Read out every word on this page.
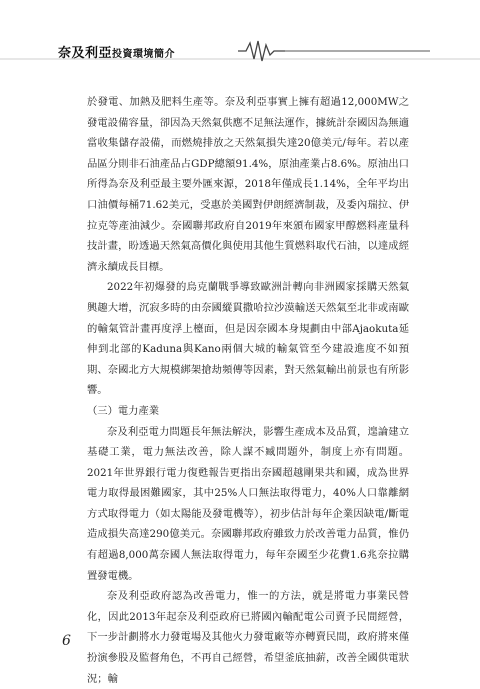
奈及利亞投資環境簡介

於發電、加熱及肥料生產等。奈及利亞事實上擁有超過12,000MW之發電設備容量，卻因為天然氣供應不足無法運作，據統計奈國因為無適當收集儲存設備，而燃燒排放之天然氣損失達20億美元/每年。若以產品區分則非石油產品占GDP總額91.4%，原油產業占8.6%。原油出口所得為奈及利亞最主要外匯來源，2018年僅成長1.14%，全年平均出口油價每桶71.62美元，受惠於美國對伊朗經濟制裁，及委內瑞拉、伊拉克等產油減少。奈國聯邦政府自2019年來頒布國家甲醇燃料產量科技計畫，盼透過天然氣高價化與使用其他生質燃料取代石油，以達成經濟永續成長目標。

2022年初爆發的烏克蘭戰爭導致歐洲計轉向非洲國家採購天然氣興趣大增，沉寂多時的由奈國縱貫撒哈拉沙漠輸送天然氣至北非或南歐的輸氣管計畫再度浮上檯面，但是因奈國本身規劃由中部Ajaokuta延伸到北部的Kaduna與Kano兩個大城的輸氣管至今建設進度不如預期、奈國北方大規模綁架搶劫頻傳等因素，對天然氣輸出前景也有所影響。

（三）電力產業

奈及利亞電力問題長年無法解決，影響生產成本及品質，遑論建立基礎工業，電力無法改善，除人謀不臧問題外，制度上亦有問題。2021年世界銀行電力復甦報告更指出奈國超越剛果共和國，成為世界電力取得最困難國家，其中25%人口無法取得電力，40%人口靠離網方式取得電力（如太陽能及發電機等），初步估計每年企業因缺電/斷電造成損失高達290億美元。奈國聯邦政府雖致力於改善電力品質，惟仍有超過8,000萬奈國人無法取得電力，每年奈國至少花費1.6兆奈拉購置發電機。

奈及利亞政府認為改善電力，惟一的方法，就是將電力事業民營化，因此2013年起奈及利亞政府已將國內輸配電公司賣予民間經營，下一步計劃將水力發電場及其他火力發電廠等亦轉賣民間，政府將來僅扮演參股及監督角色，不再自己經營，希望釜底抽薪，改善全國供電狀況；輸

6
